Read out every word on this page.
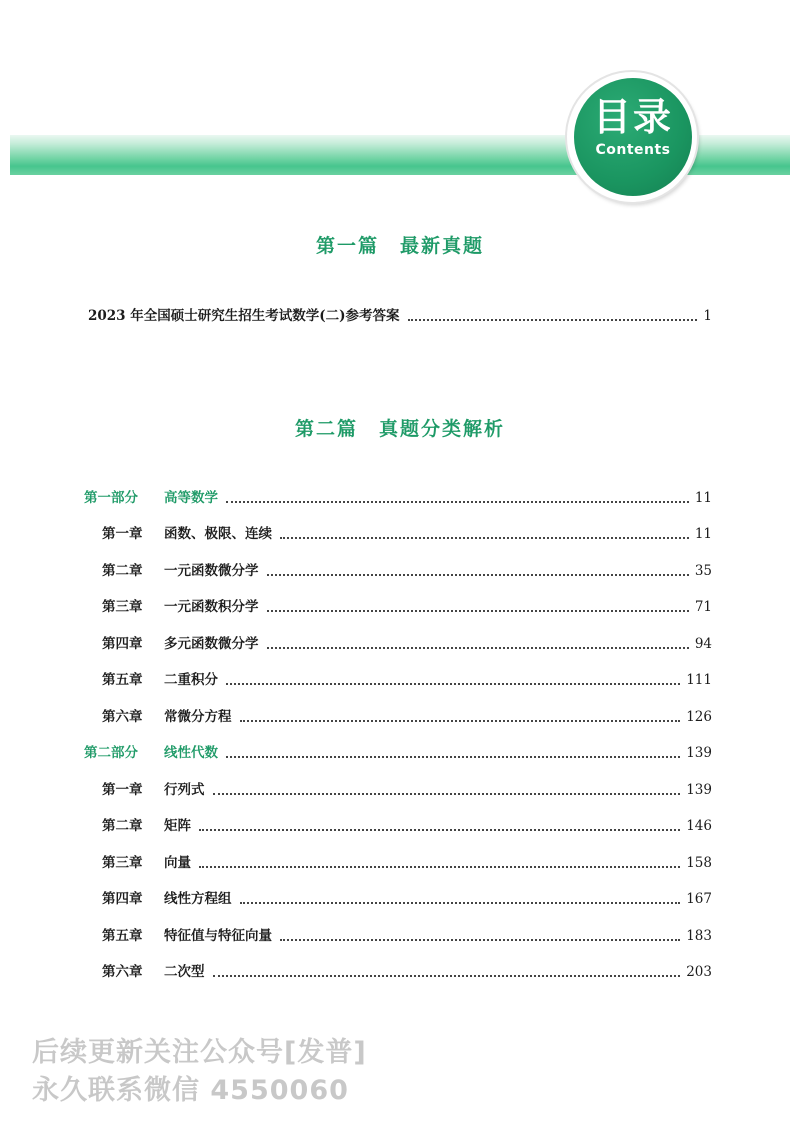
目录
Contents
第一篇　最新真题
2023 年全国硕士研究生招生考试数学(二)参考答案	1
第二篇　真题分类解析
第一部分	高等数学	11
第一章	函数、极限、连续	11
第二章	一元函数微分学	35
第三章	一元函数积分学	71
第四章	多元函数微分学	94
第五章	二重积分	111
第六章	常微分方程	126
第二部分	线性代数	139
第一章	行列式	139
第二章	矩阵	146
第三章	向量	158
第四章	线性方程组	167
第五章	特征值与特征向量	183
第六章	二次型	203
后续更新关注公众号[发普]
永久联系微信 4550060
